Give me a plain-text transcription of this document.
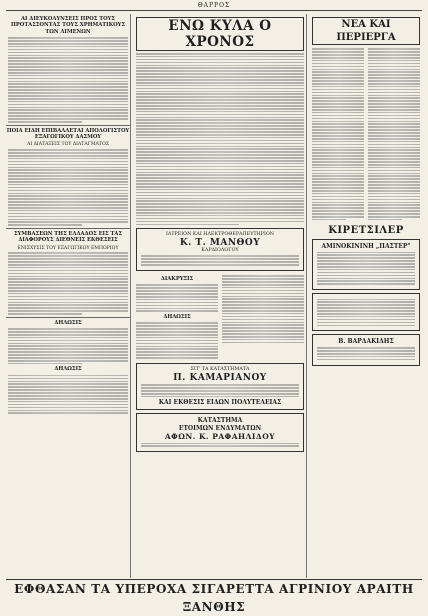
ΘΑΡΡΟΣ
ΑΙ ΔΙΕΥΚΟΛΥΝΣΕΙΣ ΠΡΟΣ ΤΟΥΣ ΠΡΟΤΑΣΣΟΝΤΑΣ ΤΟΥΣ ΧΡΗΜΑΤΙΚΟΥΣ ΤΩΝ ΛΙΜΕΝΩΝ
ΠΟΙΑ ΕΙΔΗ ΕΠΙΒΑΛΛΕΤΑΙ ΑΠΟΛΟΓΙΣΤΟΥ ΕΞΑΓΩΓΙΚΟΥ ΔΑΣΜΟΥ
ΑΙ ΔΙΑΤΑΞΕΙΣ ΤΟΥ ΔΙΑΤΑΓΜΑΤΟΣ
ΣΥΜΒΑΣΕΩΝ ΤΗΣ ΕΛΛΑΔΟΣ ΕΙΣ ΤΑΣ ΔΙΑΦΟΡΟΥΣ ΔΙΕΘΝΕΙΣ ΕΚΘΕΣΕΙΣ
ΕΝΙΣΧΥΣΙΣ ΤΟΥ ΕΞΑΓΩΓΙΚΟΥ ΕΜΠΟΡΙΟΥ
ΔΗΛΩΣΙΣ
ΔΗΛΩΣΙΣ
ΕΝΩ ΚΥΛΑ Ο ΧΡΟΝΟΣ
ΙΑΤΡΕΙΟΝ ΚΑΙ ΗΛΕΚΤΡΟΘΕΡΑΠΕΥΤΗΡΙΟΝ
Κ. Τ. ΜΑΝΘΟΥ
ΚΑΡΔΙΟΛΟΓΟΥ
ΔΙΑΚΡΥΞΙΣ
ΔΗΛΩΣΙΣ
ΣΙΤ' ΤΑ ΚΑΤΑΣΤΗΜΑΤΑ
Π. ΚΑΜΑΡΙΑΝΟΥ
ΚΑΙ ΕΚΘΕΣΙΣ ΕΙΔΩΝ ΠΟΛΥΤΕΛΕΙΑΣ
ΚΑΤΑΣΤΗΜΑ
ΕΤΟΙΜΩΝ ΕΝΔΥΜΑΤΩΝ
ΑΦΩΝ. Κ. ΡΑΦΑΗΛΙΔΟΥ
ΝΕΑ ΚΑΙ ΠΕΡΙΕΡΓΑ
ΚΙΡΕΤΣΙΛΕΡ
ΑΜΙΝΟΚΙΝΙΝΗ „ΠΑΣΤΕΡ"
Β. ΒΑΡΔΑΚΙΔΗΣ
ΕΦΘΑΣΑΝ ΤΑ ΥΠΕΡΟΧΑ ΣΙΓΑΡΕΤΤΑ ΑΓΡΙΝΙΟΥ ΑΡΑΙΤΗ ΞΑΝΘΗΣ
